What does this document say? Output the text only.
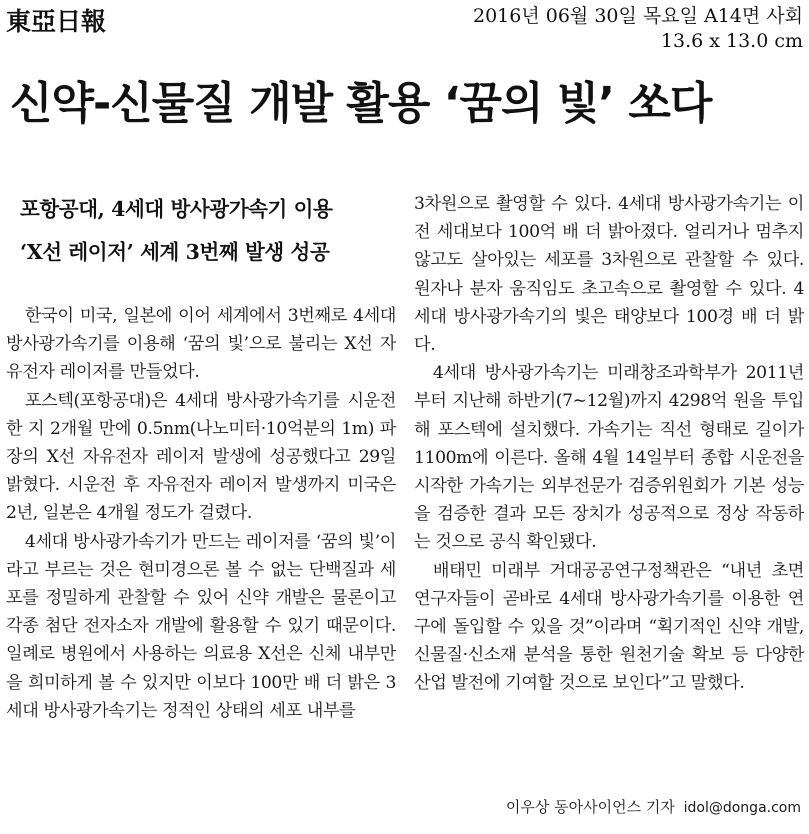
東亞日報	2016년 06월 30일 목요일 A14면 사회
13.6 x 13.0 cm
신약-신물질 개발 활용 ‘꿈의 빛’ 쏘다
포항공대, 4세대 방사광가속기 이용
‘X선 레이저’ 세계 3번째 발생 성공

한국이 미국, 일본에 이어 세계에서 3번째로 4세대 방사광가속기를 이용해 ‘꿈의 빛’으로 불리는 X선 자유전자 레이저를 만들었다.

포스텍(포항공대)은 4세대 방사광가속기를 시운전한 지 2개월 만에 0.5nm(나노미터·10억분의 1m) 파장의 X선 자유전자 레이저 발생에 성공했다고 29일 밝혔다. 시운전 후 자유전자 레이저 발생까지 미국은 2년, 일본은 4개월 정도가 걸렸다.

4세대 방사광가속기가 만드는 레이저를 ‘꿈의 빛’이라고 부르는 것은 현미경으론 볼 수 없는 단백질과 세포를 정밀하게 관찰할 수 있어 신약 개발은 물론이고 각종 첨단 전자소자 개발에 활용할 수 있기 때문이다. 일례로 병원에서 사용하는 의료용 X선은 신체 내부만을 희미하게 볼 수 있지만 이보다 100만 배 더 밝은 3세대 방사광가속기는 정적인 상태의 세포 내부를

3차원으로 촬영할 수 있다. 4세대 방사광가속기는 이전 세대보다 100억 배 더 밝아졌다. 얼리거나 멈추지 않고도 살아있는 세포를 3차원으로 관찰할 수 있다. 원자나 분자 움직임도 초고속으로 촬영할 수 있다. 4세대 방사광가속기의 빛은 태양보다 100경 배 더 밝다.

4세대 방사광가속기는 미래창조과학부가 2011년부터 지난해 하반기(7∼12월)까지 4298억 원을 투입해 포스텍에 설치했다. 가속기는 직선 형태로 길이가 1100m에 이른다. 올해 4월 14일부터 종합 시운전을 시작한 가속기는 외부전문가 검증위원회가 기본 성능을 검증한 결과 모든 장치가 성공적으로 정상 작동하는 것으로 공식 확인됐다.

배태민 미래부 거대공공연구정책관은 “내년 초면 연구자들이 곧바로 4세대 방사광가속기를 이용한 연구에 돌입할 수 있을 것”이라며 “획기적인 신약 개발, 신물질·신소재 분석을 통한 원천기술 확보 등 다양한 산업 발전에 기여할 것으로 보인다”고 말했다.

이우상 동아사이언스 기자 idol@donga.com
